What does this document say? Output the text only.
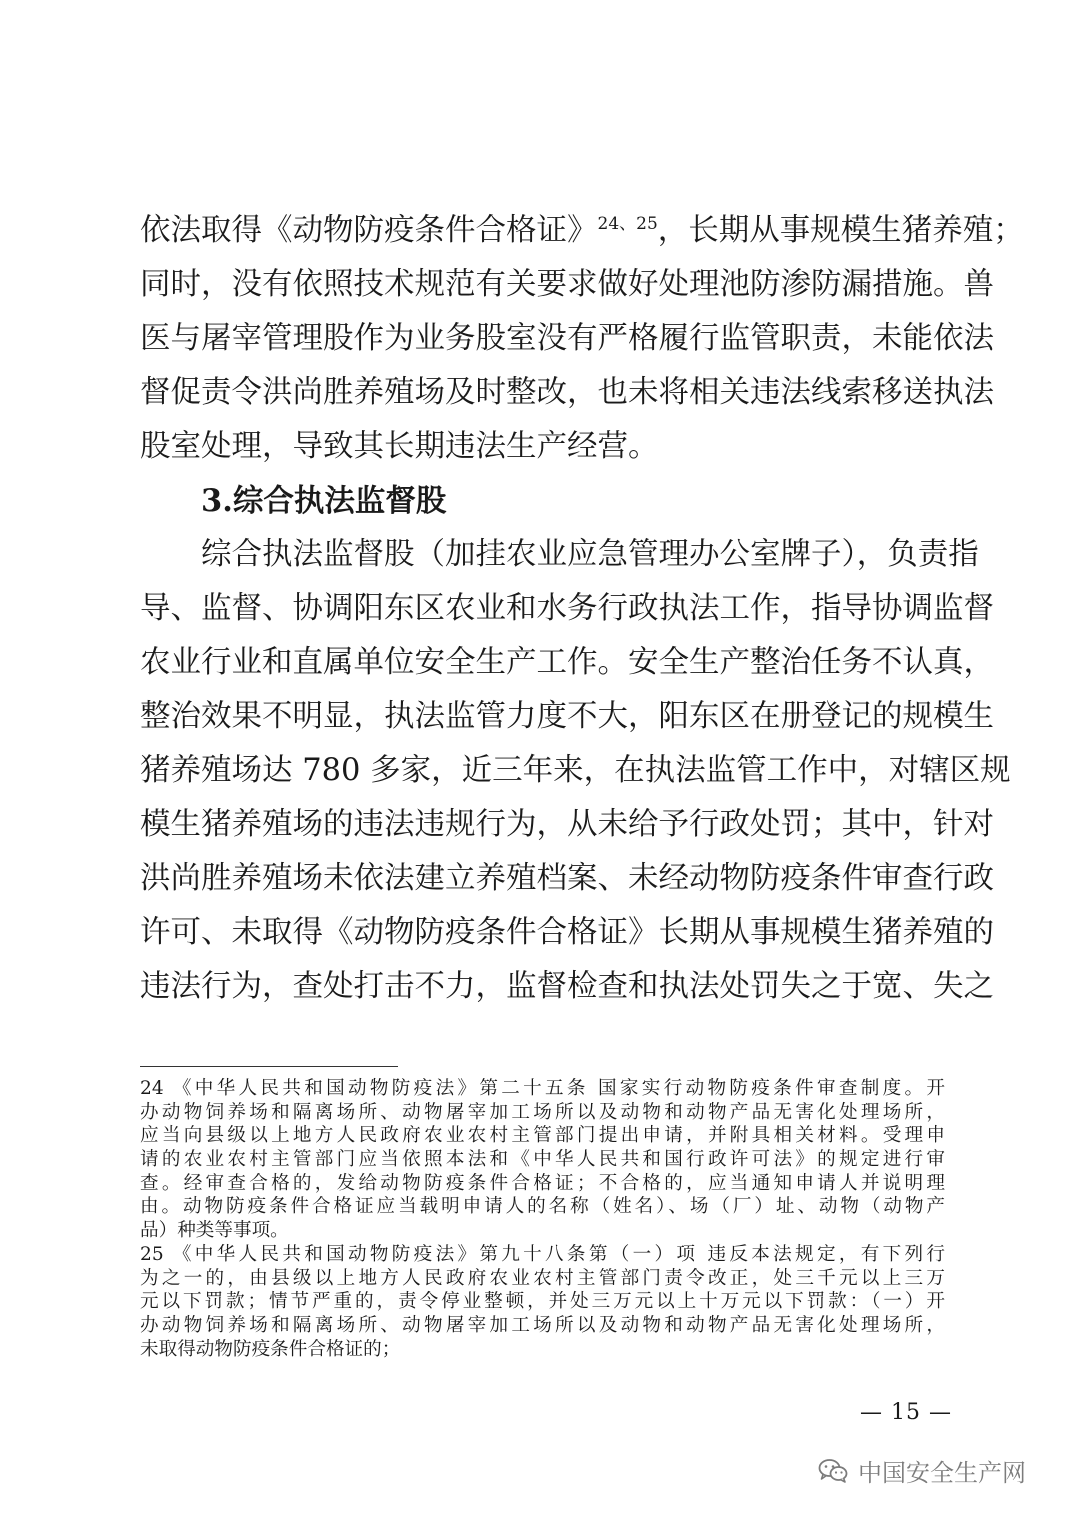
依法取得《动物防疫条件合格证》$^{24、25}$，长期从事规模生猪养殖；
同时，没有依照技术规范有关要求做好处理池防渗防漏措施。兽
医与屠宰管理股作为业务股室没有严格履行监管职责，未能依法
督促责令洪尚胜养殖场及时整改，也未将相关违法线索移送执法
股室处理，导致其长期违法生产经营。
3.综合执法监督股
综合执法监督股（加挂农业应急管理办公室牌子），负责指
导、监督、协调阳东区农业和水务行政执法工作，指导协调监督
农业行业和直属单位安全生产工作。安全生产整治任务不认真，
整治效果不明显，执法监管力度不大，阳东区在册登记的规模生
猪养殖场达 780 多家，近三年来，在执法监管工作中，对辖区规
模生猪养殖场的违法违规行为，从未给予行政处罚；其中，针对
洪尚胜养殖场未依法建立养殖档案、未经动物防疫条件审查行政
许可、未取得《动物防疫条件合格证》长期从事规模生猪养殖的
违法行为，查处打击不力，监督检查和执法处罚失之于宽、失之
24 《中华人民共和国动物防疫法》第二十五条 国家实行动物防疫条件审查制度。开
办动物饲养场和隔离场所、动物屠宰加工场所以及动物和动物产品无害化处理场所，
应当向县级以上地方人民政府农业农村主管部门提出申请，并附具相关材料。受理申
请的农业农村主管部门应当依照本法和《中华人民共和国行政许可法》的规定进行审
查。经审查合格的，发给动物防疫条件合格证；不合格的，应当通知申请人并说明理
由。动物防疫条件合格证应当载明申请人的名称（姓名）、场（厂）址、动物（动物产
品）种类等事项。
25 《中华人民共和国动物防疫法》第九十八条第（一）项 违反本法规定，有下列行
为之一的，由县级以上地方人民政府农业农村主管部门责令改正，处三千元以上三万
元以下罚款；情节严重的，责令停业整顿，并处三万元以上十万元以下罚款：（一）开
办动物饲养场和隔离场所、动物屠宰加工场所以及动物和动物产品无害化处理场所，
未取得动物防疫条件合格证的；
— 15 —
中国安全生产网
